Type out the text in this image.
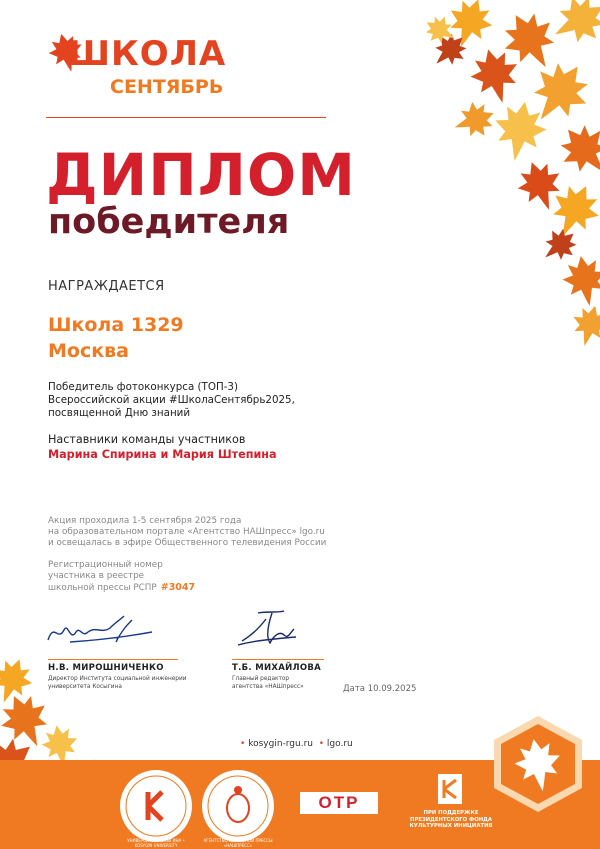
ШКОЛА
СЕНТЯБРЬ
ДИПЛОМ
победителя
НАГРАЖДАЕТСЯ
Школа 1329
Москва
Победитель фотоконкурса (ТОП-3)
Всероссийской акции #ШколаСентябрь2025,
посвященной Дню знаний
Наставники команды участников
Марина Спирина и Мария Штепина
Акция проходила 1-5 сентября 2025 года
на образовательном портале «Агентство НАШпресс» lgo.ru
и освещалась в эфире Общественного телевидения России
Регистрационный номер
участника в реестре
школьной прессы РСПР #3047
Н.В. МИРОШНИЧЕНКО
Директор Института социальной инженерии
университета Косыгина
Т.Б. МИХАЙЛОВА
Главный редактор
агентства «НАШпресс»	Дата 10.09.2025
• kosygin-rgu.ru • lgo.ru
УНИВЕРСИТЕТ КОСЫГИНА • KOSYGIN UNIVERSITY
АГЕНТСТВО ШКОЛЬНОЙ ПРЕССЫ «НАШПРЕСС»
ОТР
ПРИ ПОДДЕРЖКЕ
ПРЕЗИДЕНТСКОГО ФОНДА
КУЛЬТУРНЫХ ИНИЦИАТИВ
